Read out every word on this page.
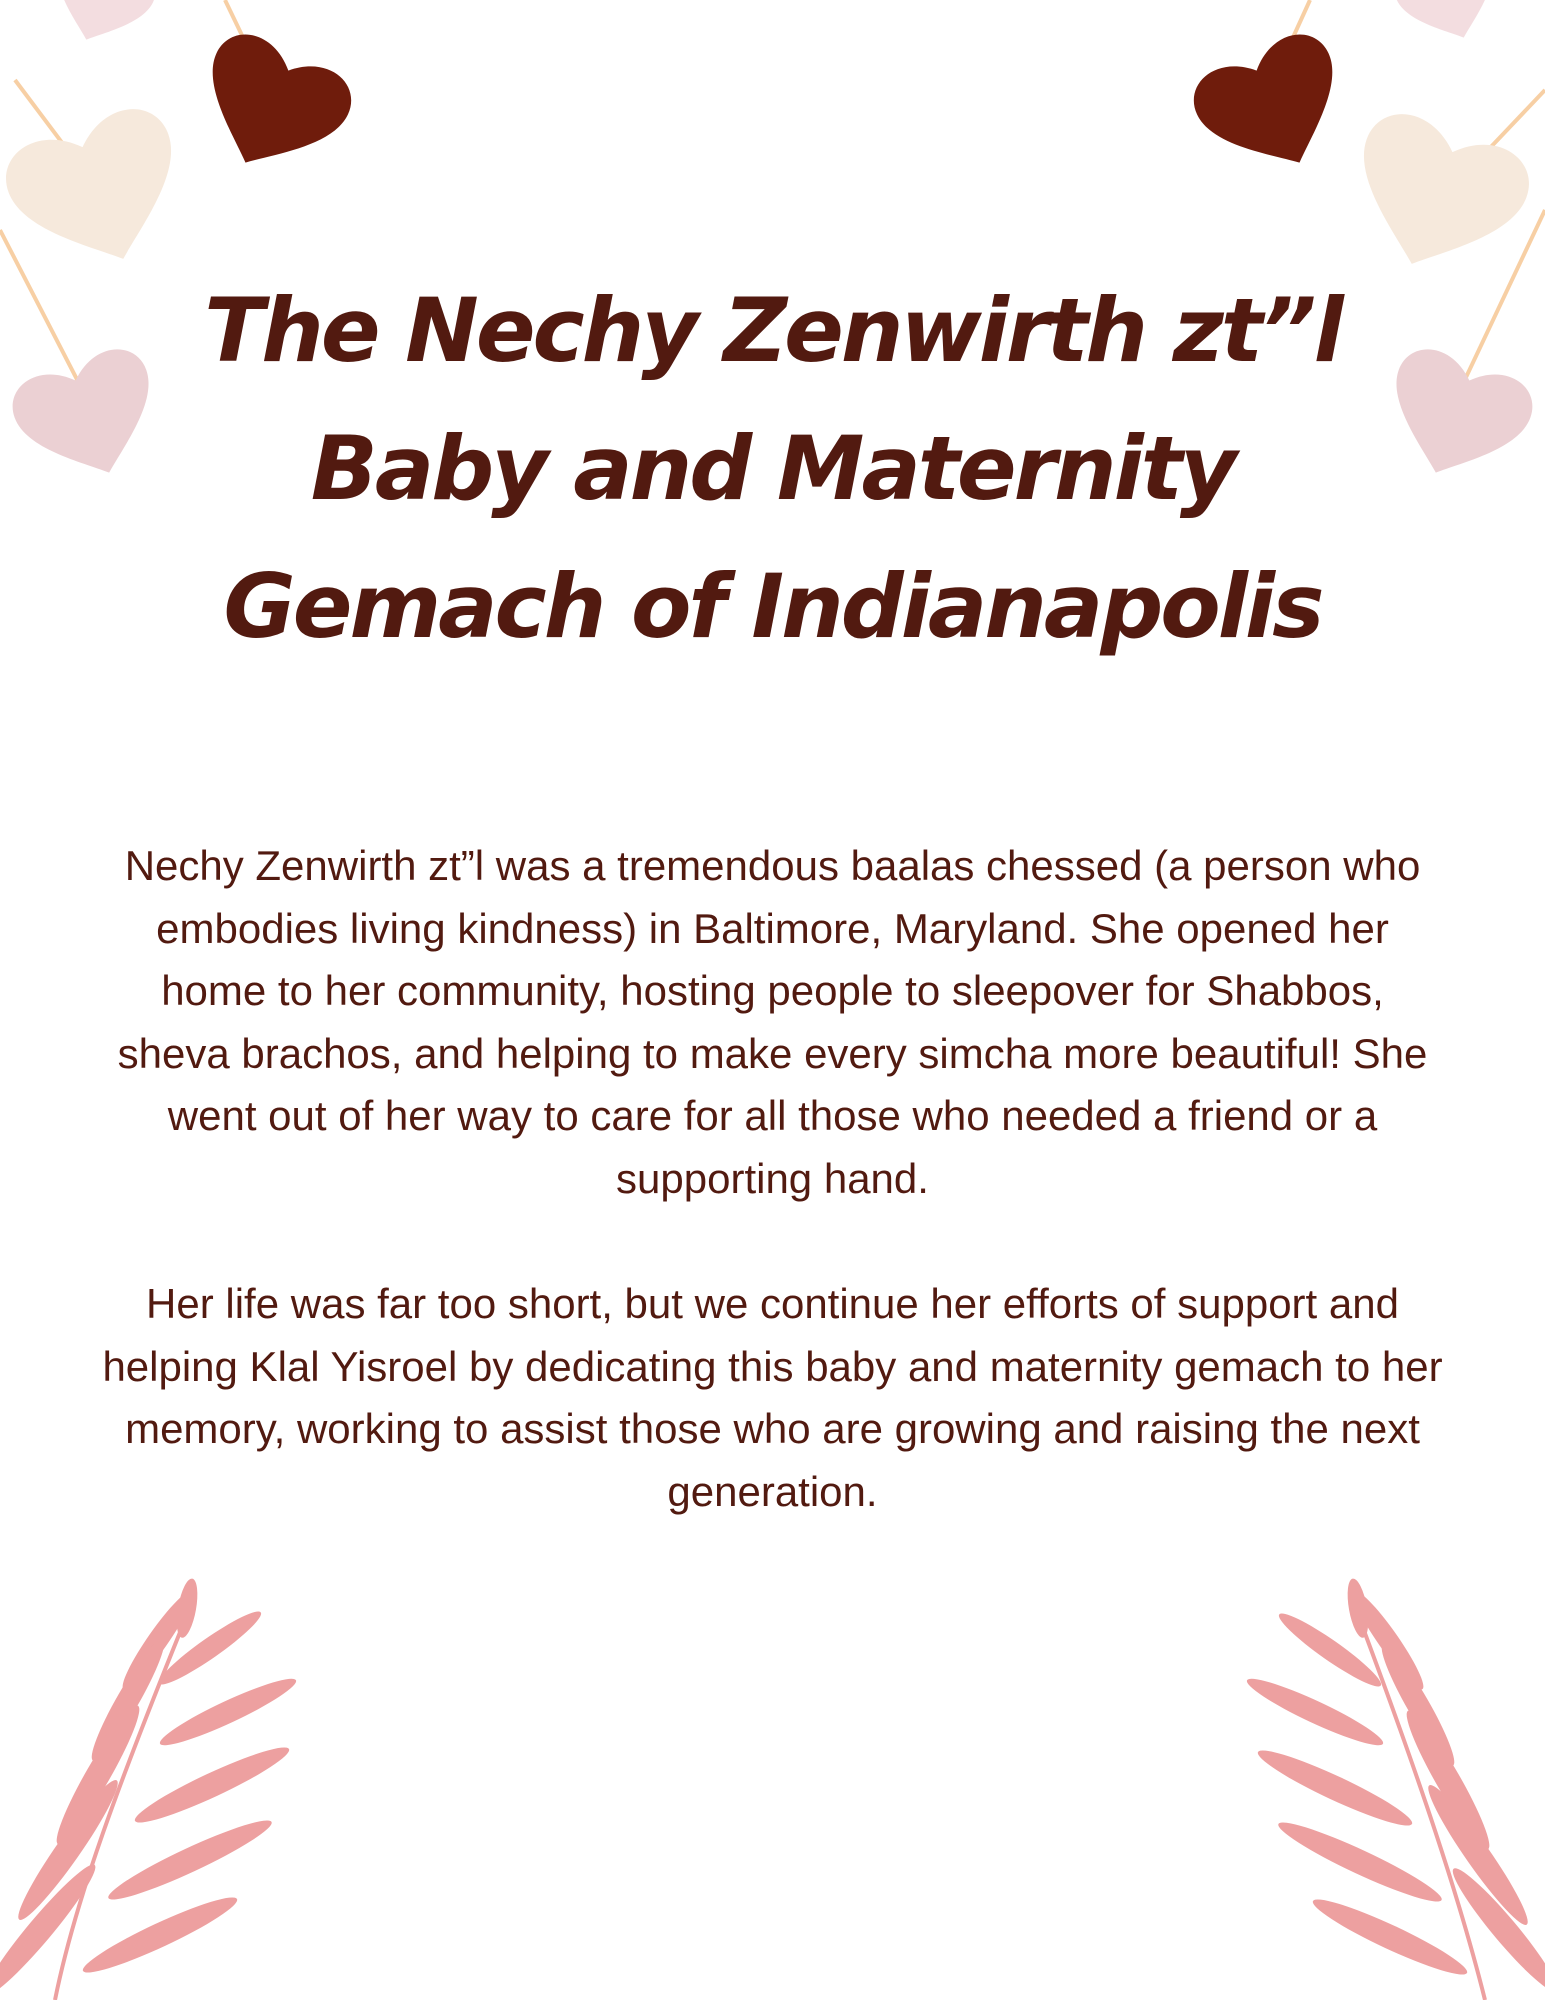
The Nechy Zenwirth zt”l
Baby and Maternity
Gemach of Indianapolis

Nechy Zenwirth zt”l was a tremendous baalas chessed (a person who embodies living kindness) in Baltimore, Maryland. She opened her home to her community, hosting people to sleepover for Shabbos, sheva brachos, and helping to make every simcha more beautiful! She went out of her way to care for all those who needed a friend or a supporting hand.

Her life was far too short, but we continue her efforts of support and helping Klal Yisroel by dedicating this baby and maternity gemach to her memory, working to assist those who are growing and raising the next generation.
